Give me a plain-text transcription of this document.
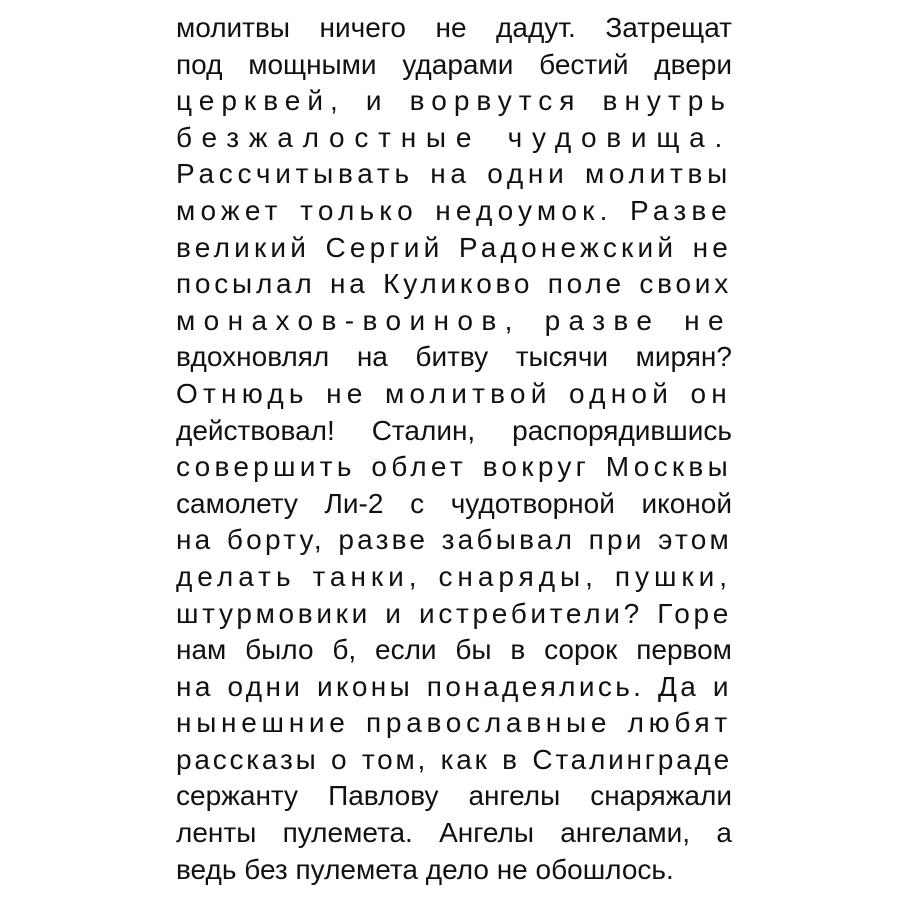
молитвы ничего не дадут. Затрещат
под мощными ударами бестий двери
церквей, и ворвутся внутрь
безжалостные чудовища.
Рассчитывать на одни молитвы
может только недоумок. Разве
великий Сергий Радонежский не
посылал на Куликово поле своих
монахов-воинов, разве не
вдохновлял на битву тысячи мирян?
Отнюдь не молитвой одной он
действовал! Сталин, распорядившись
совершить облет вокруг Москвы
самолету Ли-2 с чудотворной иконой
на борту, разве забывал при этом
делать танки, снаряды, пушки,
штурмовики и истребители? Горе
нам было б, если бы в сорок первом
на одни иконы понадеялись. Да и
нынешние православные любят
рассказы о том, как в Сталинграде
сержанту Павлову ангелы снаряжали
ленты пулемета. Ангелы ангелами, а
ведь без пулемета дело не обошлось.
